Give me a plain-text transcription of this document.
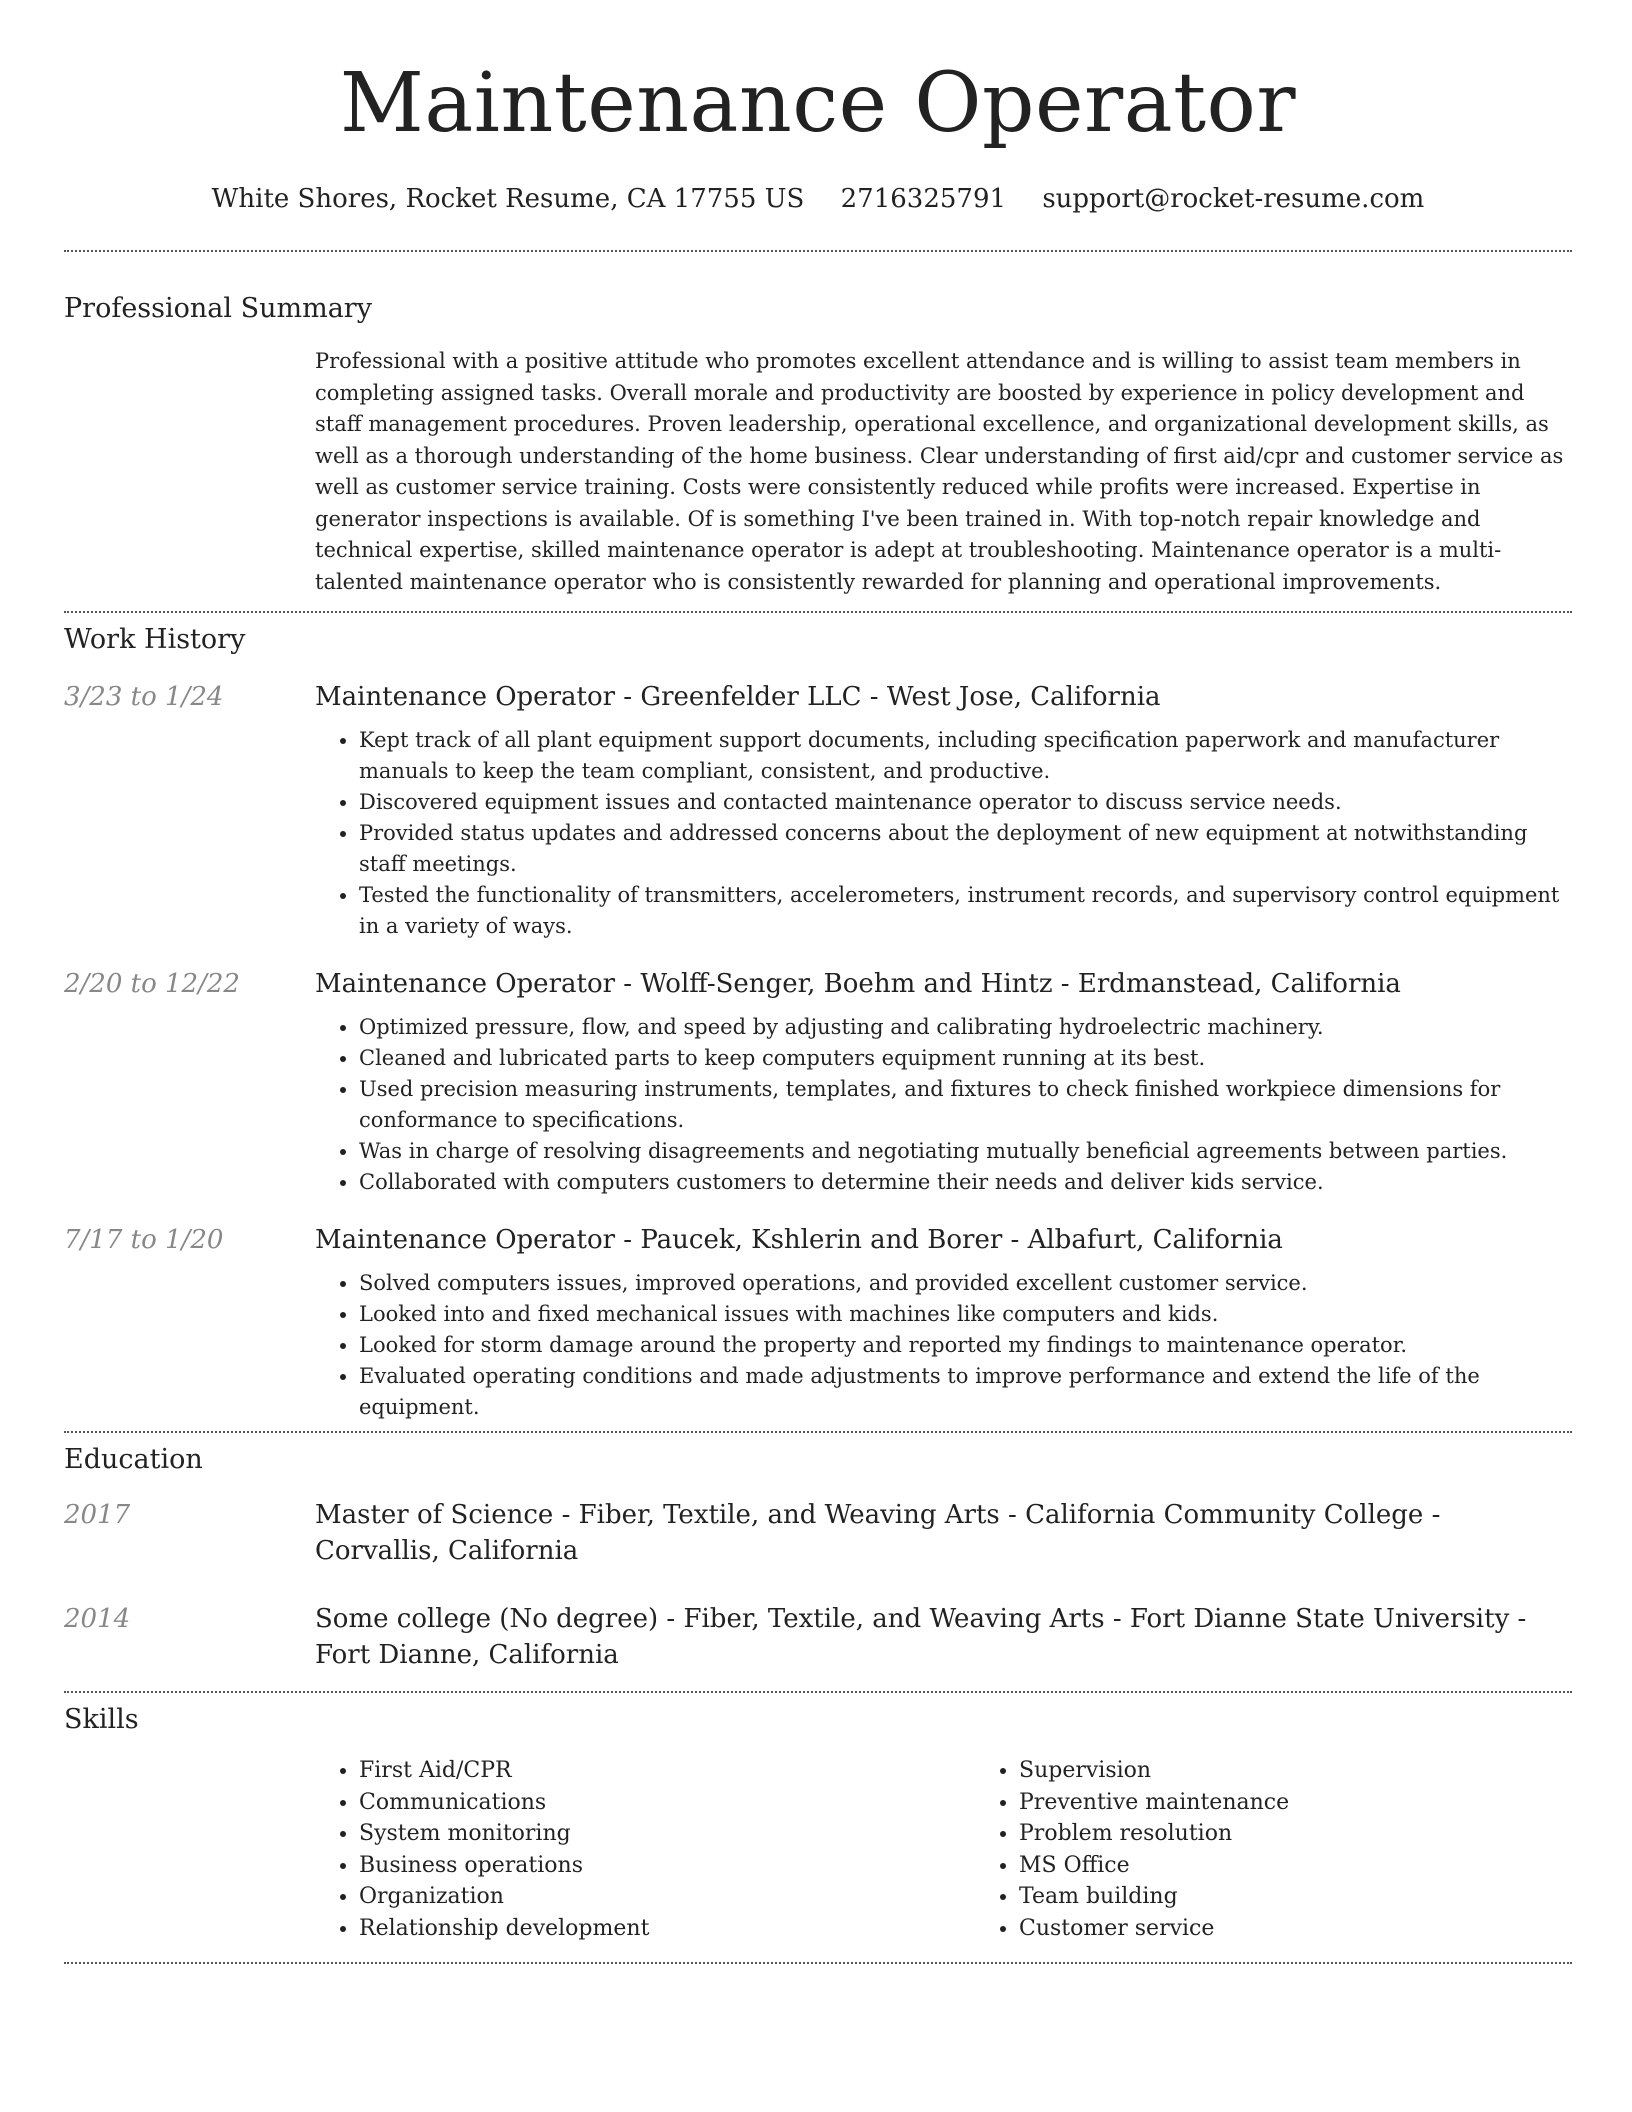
Maintenance Operator
White Shores, Rocket Resume, CA 17755 US 2716325791 support@rocket-resume.com
Professional Summary

Professional with a positive attitude who promotes excellent attendance and is willing to assist team members in completing assigned tasks. Overall morale and productivity are boosted by experience in policy development and staff management procedures. Proven leadership, operational excellence, and organizational development skills, as well as a thorough understanding of the home business. Clear understanding of first aid/cpr and customer service as well as customer service training. Costs were consistently reduced while profits were increased. Expertise in generator inspections is available. Of is something I've been trained in. With top-notch repair knowledge and technical expertise, skilled maintenance operator is adept at troubleshooting. Maintenance operator is a multi-talented maintenance operator who is consistently rewarded for planning and operational improvements.

Work History
3/23 to 1/24	Maintenance Operator - Greenfelder LLC - West Jose, California
• Kept track of all plant equipment support documents, including specification paperwork and manufacturer manuals to keep the team compliant, consistent, and productive.
• Discovered equipment issues and contacted maintenance operator to discuss service needs.
• Provided status updates and addressed concerns about the deployment of new equipment at notwithstanding staff meetings.
• Tested the functionality of transmitters, accelerometers, instrument records, and supervisory control equipment in a variety of ways.
2/20 to 12/22	Maintenance Operator - Wolff-Senger, Boehm and Hintz - Erdmanstead, California
• Optimized pressure, flow, and speed by adjusting and calibrating hydroelectric machinery.
• Cleaned and lubricated parts to keep computers equipment running at its best.
• Used precision measuring instruments, templates, and fixtures to check finished workpiece dimensions for conformance to specifications.
• Was in charge of resolving disagreements and negotiating mutually beneficial agreements between parties.
• Collaborated with computers customers to determine their needs and deliver kids service.
7/17 to 1/20	Maintenance Operator - Paucek, Kshlerin and Borer - Albafurt, California
• Solved computers issues, improved operations, and provided excellent customer service.
• Looked into and fixed mechanical issues with machines like computers and kids.
• Looked for storm damage around the property and reported my findings to maintenance operator.
• Evaluated operating conditions and made adjustments to improve performance and extend the life of the equipment.
Education
2017	Master of Science - Fiber, Textile, and Weaving Arts - California Community College - Corvallis, California
2014	Some college (No degree) - Fiber, Textile, and Weaving Arts - Fort Dianne State University - Fort Dianne, California
Skills
• First Aid/CPR
• Communications
• System monitoring
• Business operations
• Organization
• Relationship development
• Supervision
• Preventive maintenance
• Problem resolution
• MS Office
• Team building
• Customer service
